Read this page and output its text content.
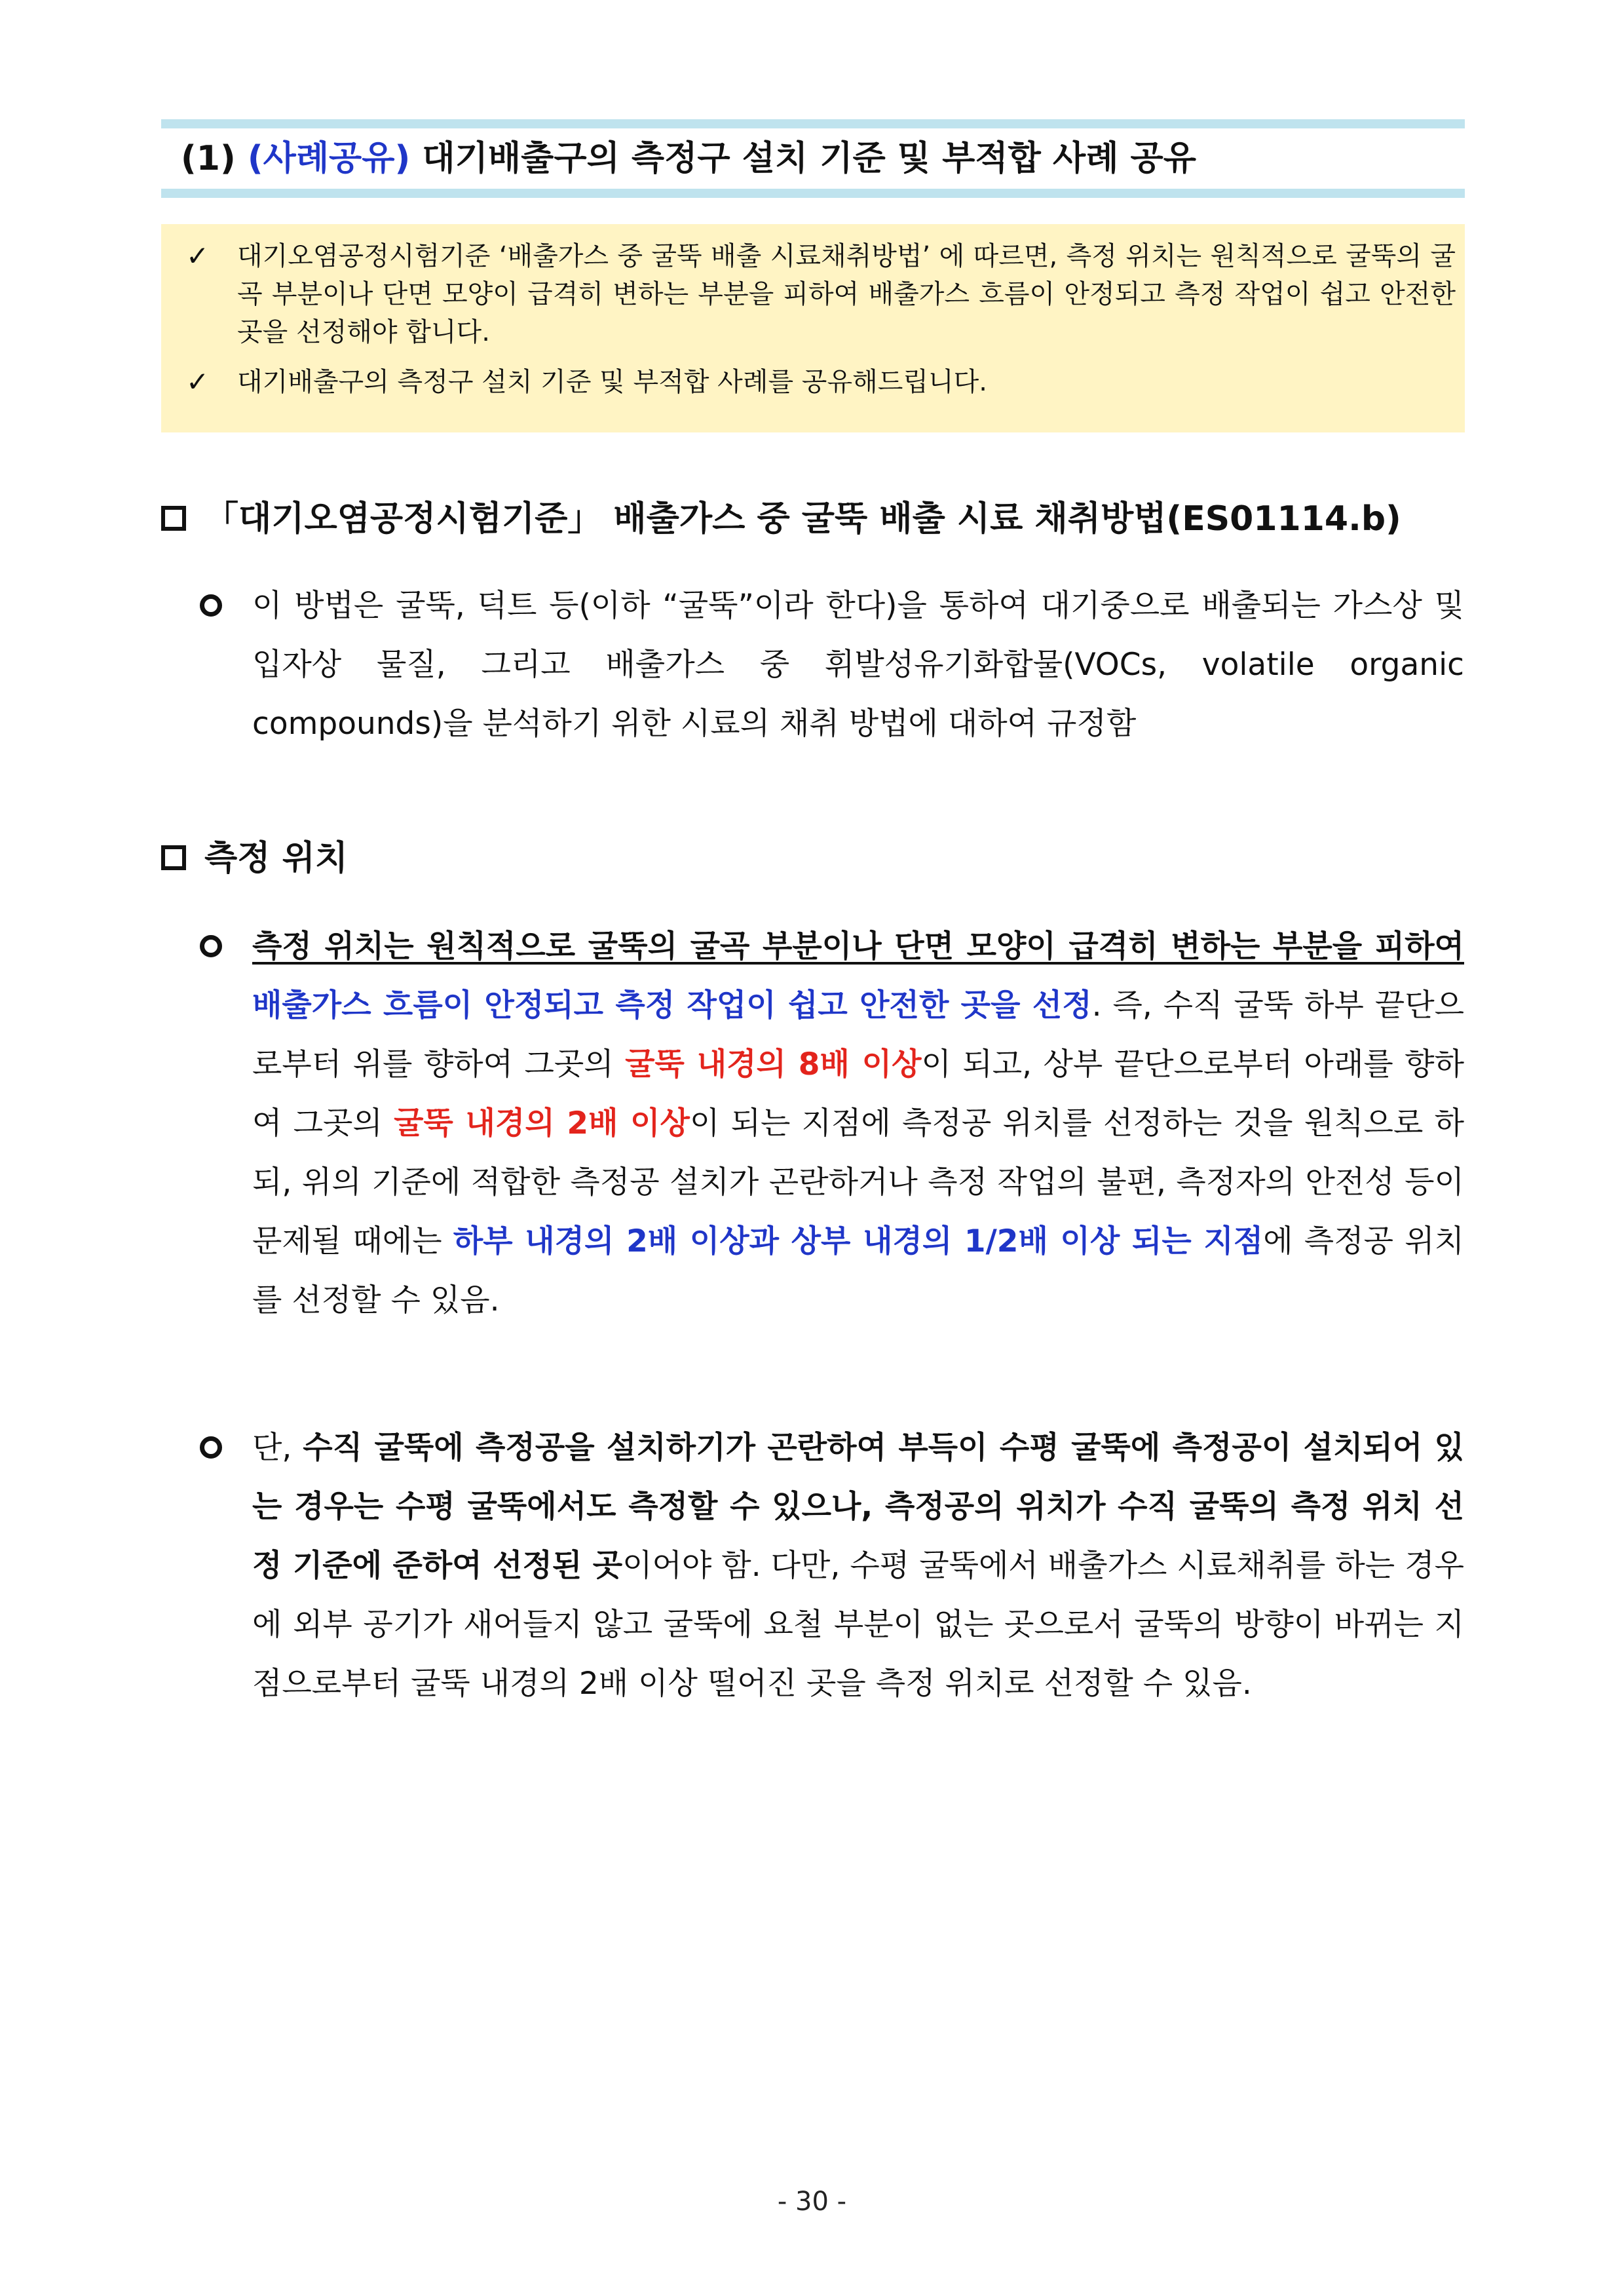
(1) (사례공유) 대기배출구의 측정구 설치 기준 및 부적합 사례 공유
✓	대기오염공정시험기준 ‘배출가스 중 굴뚝 배출 시료채취방법’ 에 따르면, 측정 위치는 원칙적으로 굴뚝의 굴곡 부분이나 단면 모양이 급격히 변하는 부분을 피하여 배출가스 흐름이 안정되고 측정 작업이 쉽고 안전한 곳을 선정해야 합니다.
✓	대기배출구의 측정구 설치 기준 및 부적합 사례를 공유해드립니다.
「대기오염공정시험기준」 배출가스 중 굴뚝 배출 시료 채취방법(ES01114.b)
이 방법은 굴뚝, 덕트 등(이하 “굴뚝”이라 한다)을 통하여 대기중으로 배출되는 가스상 및 입자상 물질, 그리고 배출가스 중 휘발성유기화합물(VOCs, volatile organic compounds)을 분석하기 위한 시료의 채취 방법에 대하여 규정함
측정 위치
측정 위치는 원칙적으로 굴뚝의 굴곡 부분이나 단면 모양이 급격히 변하는 부분을 피하여 배출가스 흐름이 안정되고 측정 작업이 쉽고 안전한 곳을 선정. 즉, 수직 굴뚝 하부 끝단으로부터 위를 향하여 그곳의 굴뚝 내경의 8배 이상이 되고, 상부 끝단으로부터 아래를 향하여 그곳의 굴뚝 내경의 2배 이상이 되는 지점에 측정공 위치를 선정하는 것을 원칙으로 하되, 위의 기준에 적합한 측정공 설치가 곤란하거나 측정 작업의 불편, 측정자의 안전성 등이 문제될 때에는 하부 내경의 2배 이상과 상부 내경의 1/2배 이상 되는 지점에 측정공 위치를 선정할 수 있음.
단, 수직 굴뚝에 측정공을 설치하기가 곤란하여 부득이 수평 굴뚝에 측정공이 설치되어 있는 경우는 수평 굴뚝에서도 측정할 수 있으나, 측정공의 위치가 수직 굴뚝의 측정 위치 선정 기준에 준하여 선정된 곳이어야 함. 다만, 수평 굴뚝에서 배출가스 시료채취를 하는 경우에 외부 공기가 새어들지 않고 굴뚝에 요철 부분이 없는 곳으로서 굴뚝의 방향이 바뀌는 지점으로부터 굴뚝 내경의 2배 이상 떨어진 곳을 측정 위치로 선정할 수 있음.
- 30 -
